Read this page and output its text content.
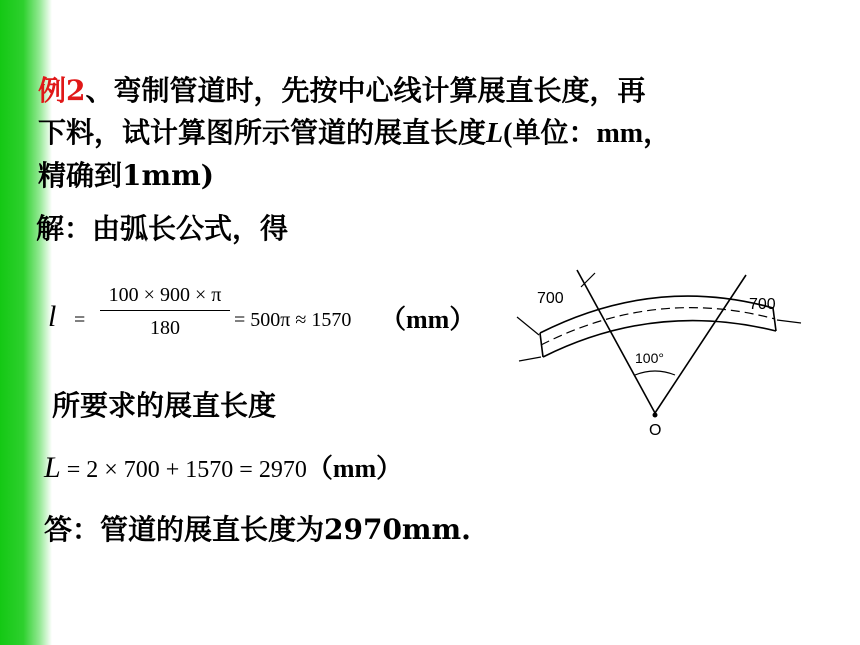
例2、弯制管道时，先按中心线计算展直长度，再
下料，试计算图所示管道的展直长度L(单位：mm，
精确到1mm)
解：由弧长公式，得
$l = \frac{100 \times 900 \times \pi}{180} = 500\pi \approx 1570$ （mm）
所要求的展直长度
L = 2 × 700 + 1570 = 2970（mm）
答：管道的展直长度为2970mm.
700	700
100°
O
